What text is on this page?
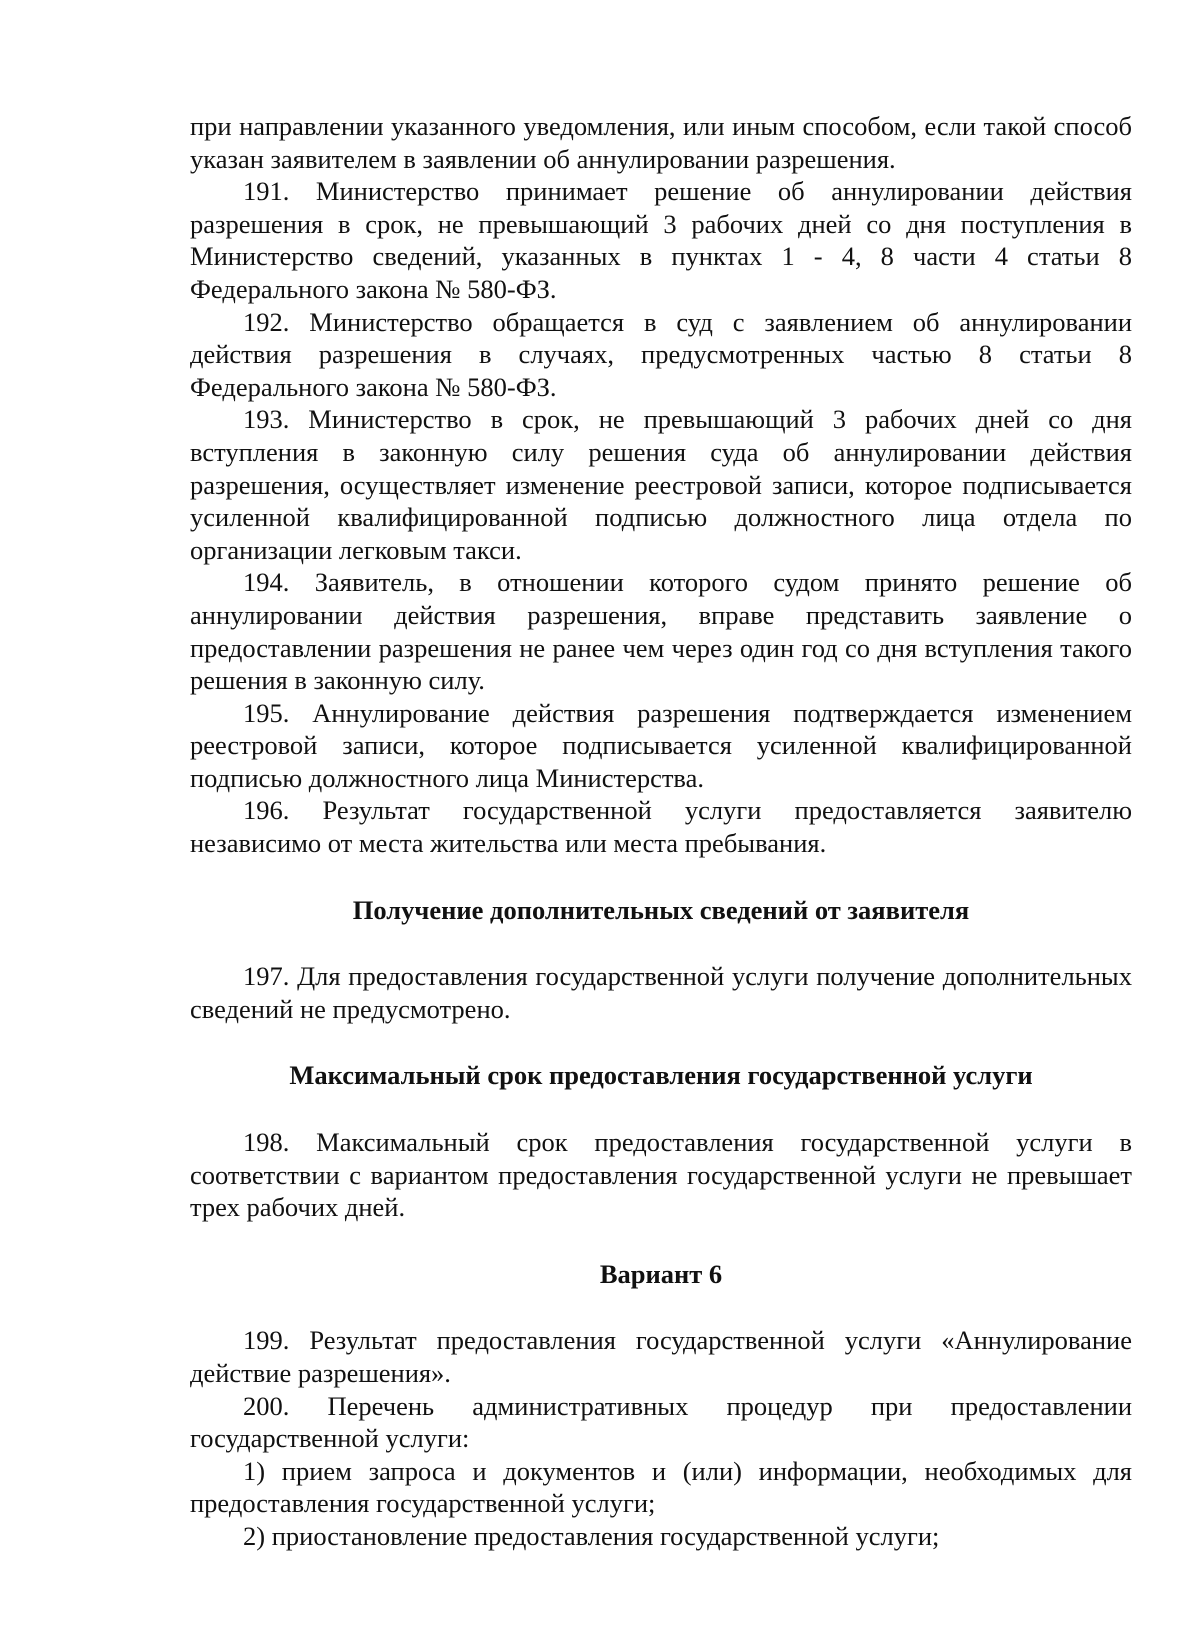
при направлении указанного уведомления, или иным способом, если такой способ указан заявителем в заявлении об аннулировании разрешения.

191. Министерство принимает решение об аннулировании действия разрешения в срок, не превышающий 3 рабочих дней со дня поступления в Министерство сведений, указанных в пунктах 1 - 4, 8 части 4 статьи 8 Федерального закона № 580-ФЗ.

192. Министерство обращается в суд с заявлением об аннулировании действия разрешения в случаях, предусмотренных частью 8 статьи 8 Федерального закона № 580-ФЗ.

193. Министерство в срок, не превышающий 3 рабочих дней со дня вступления в законную силу решения суда об аннулировании действия разрешения, осуществляет изменение реестровой записи, которое подписывается усиленной квалифицированной подписью должностного лица отдела по организации легковым такси.

194. Заявитель, в отношении которого судом принято решение об аннулировании действия разрешения, вправе представить заявление о предоставлении разрешения не ранее чем через один год со дня вступления такого решения в законную силу.

195. Аннулирование действия разрешения подтверждается изменением реестровой записи, которое подписывается усиленной квалифицированной подписью должностного лица Министерства.

196. Результат государственной услуги предоставляется заявителю независимо от места жительства или места пребывания.

Получение дополнительных сведений от заявителя

197. Для предоставления государственной услуги получение дополнительных сведений не предусмотрено.

Максимальный срок предоставления государственной услуги

198. Максимальный срок предоставления государственной услуги в соответствии с вариантом предоставления государственной услуги не превышает трех рабочих дней.

Вариант 6

199. Результат предоставления государственной услуги «Аннулирование действие разрешения».

200. Перечень административных процедур при предоставлении государственной услуги:

1) прием запроса и документов и (или) информации, необходимых для предоставления государственной услуги;

2) приостановление предоставления государственной услуги;
